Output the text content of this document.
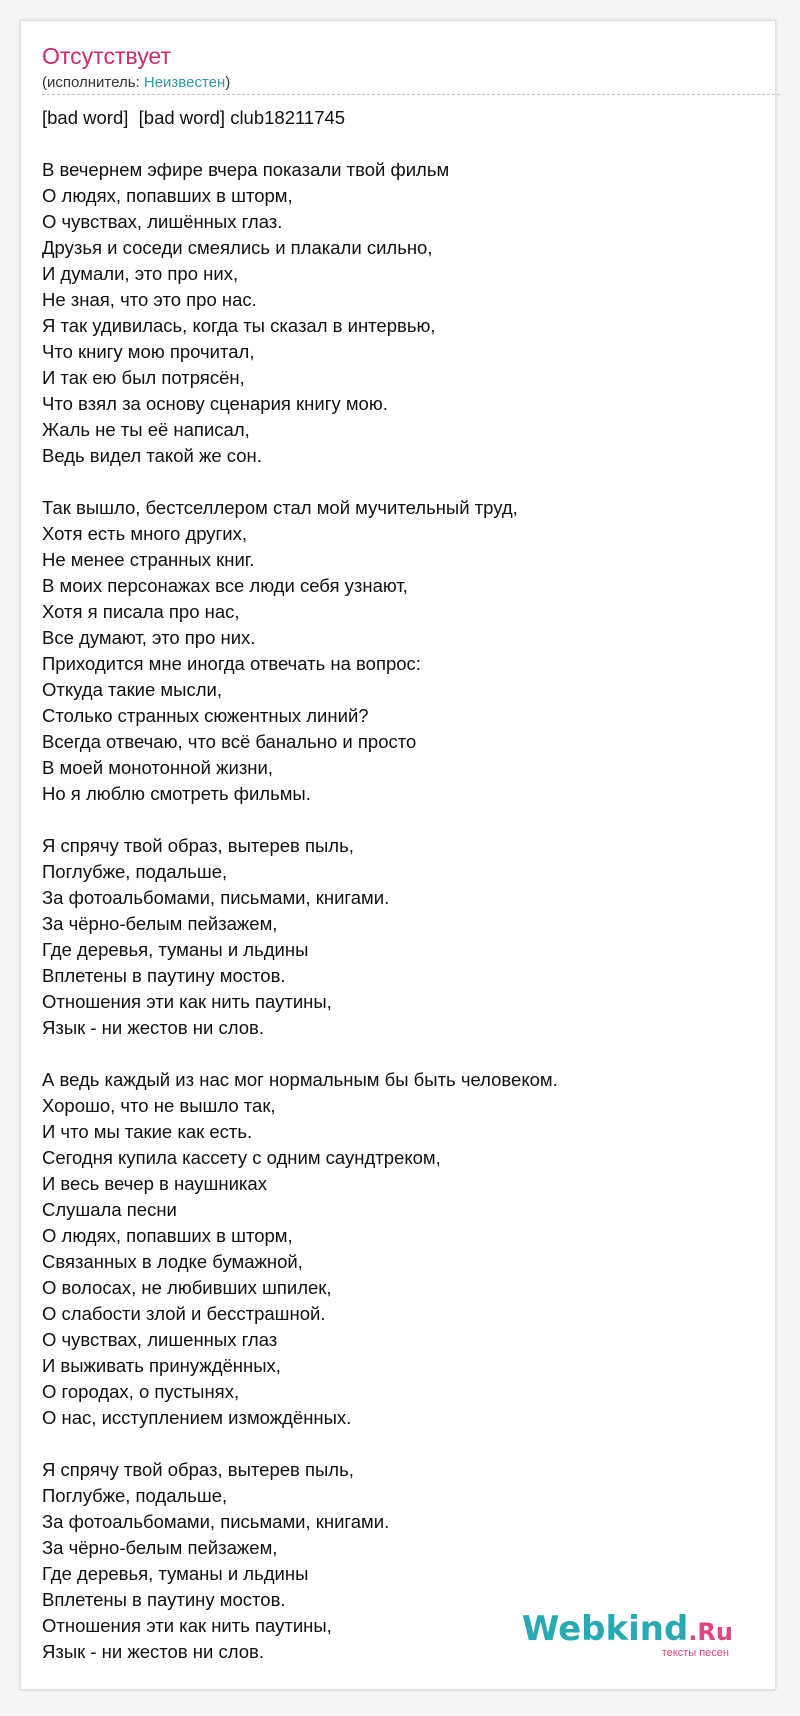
Отсутствует
(исполнитель: Неизвестен)
[bad word]  [bad word] club18211745
В вечернем эфире вчера показали твой фильм
О людях, попавших в шторм,
О чувствах, лишённых глаз.
Друзья и соседи смеялись и плакали сильно,
И думали, это про них,
Не зная, что это про нас.
Я так удивилась, когда ты сказал в интервью,
Что книгу мою прочитал,
И так ею был потрясён,
Что взял за основу сценария книгу мою.
Жаль не ты её написал,
Ведь видел такой же сон.
Так вышло, бестселлером стал мой мучительный труд,
Хотя есть много других,
Не менее странных книг.
В моих персонажах все люди себя узнают,
Хотя я писала про нас,
Все думают, это про них.
Приходится мне иногда отвечать на вопрос:
Откуда такие мысли,
Столько странных сюжентных линий?
Всегда отвечаю, что всё банально и просто
В моей монотонной жизни,
Но я люблю смотреть фильмы.
Я спрячу твой образ, вытерев пыль,
Поглубже, подальше,
За фотоальбомами, письмами, книгами.
За чёрно-белым пейзажем,
Где деревья, туманы и льдины
Вплетены в паутину мостов.
Отношения эти как нить паутины,
Язык - ни жестов ни слов.
А ведь каждый из нас мог нормальным бы быть человеком.
Хорошо, что не вышло так,
И что мы такие как есть.
Сегодня купила кассету с одним саундтреком,
И весь вечер в наушниках
Слушала песни
О людях, попавших в шторм,
Связанных в лодке бумажной,
О волосах, не любивших шпилек,
О слабости злой и бесстрашной.
О чувствах, лишенных глаз
И выживать принуждённых,
О городах, о пустынях,
О нас, исступлением измождённых.
Я спрячу твой образ, вытерев пыль,
Поглубже, подальше,
За фотоальбомами, письмами, книгами.
За чёрно-белым пейзажем,
Где деревья, туманы и льдины
Вплетены в паутину мостов.
Отношения эти как нить паутины,
Язык - ни жестов ни слов.
Webkind.Ru
тексты песен
